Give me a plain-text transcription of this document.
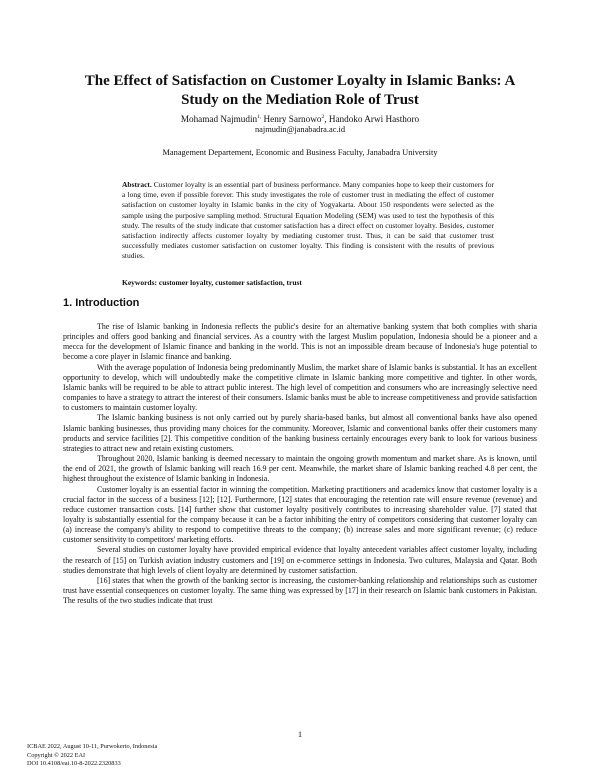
The Effect of Satisfaction on Customer Loyalty in Islamic Banks: A
Study on the Mediation Role of Trust
Mohamad Najmudin$^{1,}$ Henry Sarnowo$^2$, Handoko Arwi Hasthoro
najmudin@janabadra.ac.id
Management Departement, Economic and Business Faculty, Janabadra University

Abstract. Customer loyalty is an essential part of business performance. Many companies hope to keep their customers for a long time, even if possible forever. This study investigates the role of customer trust in mediating the effect of customer satisfaction on customer loyalty in Islamic banks in the city of Yogyakarta. About 150 respondents were selected as the sample using the purposive sampling method. Structural Equation Modeling (SEM) was used to test the hypothesis of this study. The results of the study indicate that customer satisfaction has a direct effect on customer loyalty. Besides, customer satisfaction indirectly affects customer loyalty by mediating customer trust. Thus, it can be said that customer trust successfully mediates customer satisfaction on customer loyalty. This finding is consistent with the results of previous studies.

Keywords: customer loyalty, customer satisfaction, trust
1. Introduction

The rise of Islamic banking in Indonesia reflects the public's desire for an alternative banking system that both complies with sharia principles and offers good banking and financial services. As a country with the largest Muslim population, Indonesia should be a pioneer and a mecca for the development of Islamic finance and banking in the world. This is not an impossible dream because of Indonesia's huge potential to become a core player in Islamic finance and banking.

With the average population of Indonesia being predominantly Muslim, the market share of Islamic banks is substantial. It has an excellent opportunity to develop, which will undoubtedly make the competitive climate in Islamic banking more competitive and tighter. In other words, Islamic banks will be required to be able to attract public interest. The high level of competition and consumers who are increasingly selective need companies to have a strategy to attract the interest of their consumers. Islamic banks must be able to increase competitiveness and provide satisfaction to customers to maintain customer loyalty.

The Islamic banking business is not only carried out by purely sharia-based banks, but almost all conventional banks have also opened Islamic banking businesses, thus providing many choices for the community. Moreover, Islamic and conventional banks offer their customers many products and service facilities [2]. This competitive condition of the banking business certainly encourages every bank to look for various business strategies to attract new and retain existing customers.

Throughout 2020, Islamic banking is deemed necessary to maintain the ongoing growth momentum and market share. As is known, until the end of 2021, the growth of Islamic banking will reach 16.9 per cent. Meanwhile, the market share of Islamic banking reached 4.8 per cent, the highest throughout the existence of Islamic banking in Indonesia.

Customer loyalty is an essential factor in winning the competition. Marketing practitioners and academics know that customer loyalty is a crucial factor in the success of a business [12]; [12]. Furthermore, [12] states that encouraging the retention rate will ensure revenue (revenue) and reduce customer transaction costs. [14] further show that customer loyalty positively contributes to increasing shareholder value. [7] stated that loyalty is substantially essential for the company because it can be a factor inhibiting the entry of competitors considering that customer loyalty can (a) increase the company's ability to respond to competitive threats to the company; (b) increase sales and more significant revenue; (c) reduce customer sensitivity to competitors' marketing efforts.

Several studies on customer loyalty have provided empirical evidence that loyalty antecedent variables affect customer loyalty, including the research of [15] on Turkish aviation industry customers and [19] on e-commerce settings in Indonesia. Two cultures, Malaysia and Qatar. Both studies demonstrate that high levels of client loyalty are determined by customer satisfaction.

[16] states that when the growth of the banking sector is increasing, the customer-banking relationship and relationships such as customer trust have essential consequences on customer loyalty. The same thing was expressed by [17] in their research on Islamic bank customers in Pakistan. The results of the two studies indicate that trust

1
ICBAE 2022, August 10-11, Purwokerto, Indonesia
Copyright © 2022 EAI
DOI 10.4108/eai.10-8-2022.2320833
